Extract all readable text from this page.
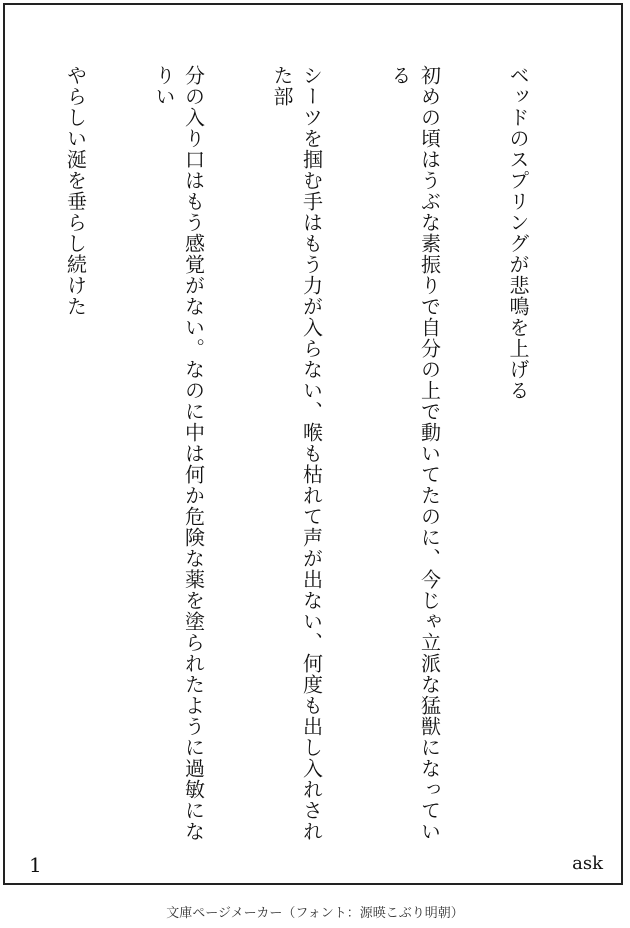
ベッドのスプリングが悲鳴を上げる

初めの頃はうぶな素振りで自分の上で動いてたのに、今じゃ立派な猛獣になっている

シーツを掴む手はもう力が入らない、喉も枯れて声が出ない、何度も出し入れされた部

分の入り口はもう感覚がない。なのに中は何か危険な薬を塗られたように過敏になりい

やらしい涎を垂らし続けた

1	ask
文庫ページメーカー（フォント：源暎こぶり明朝）
